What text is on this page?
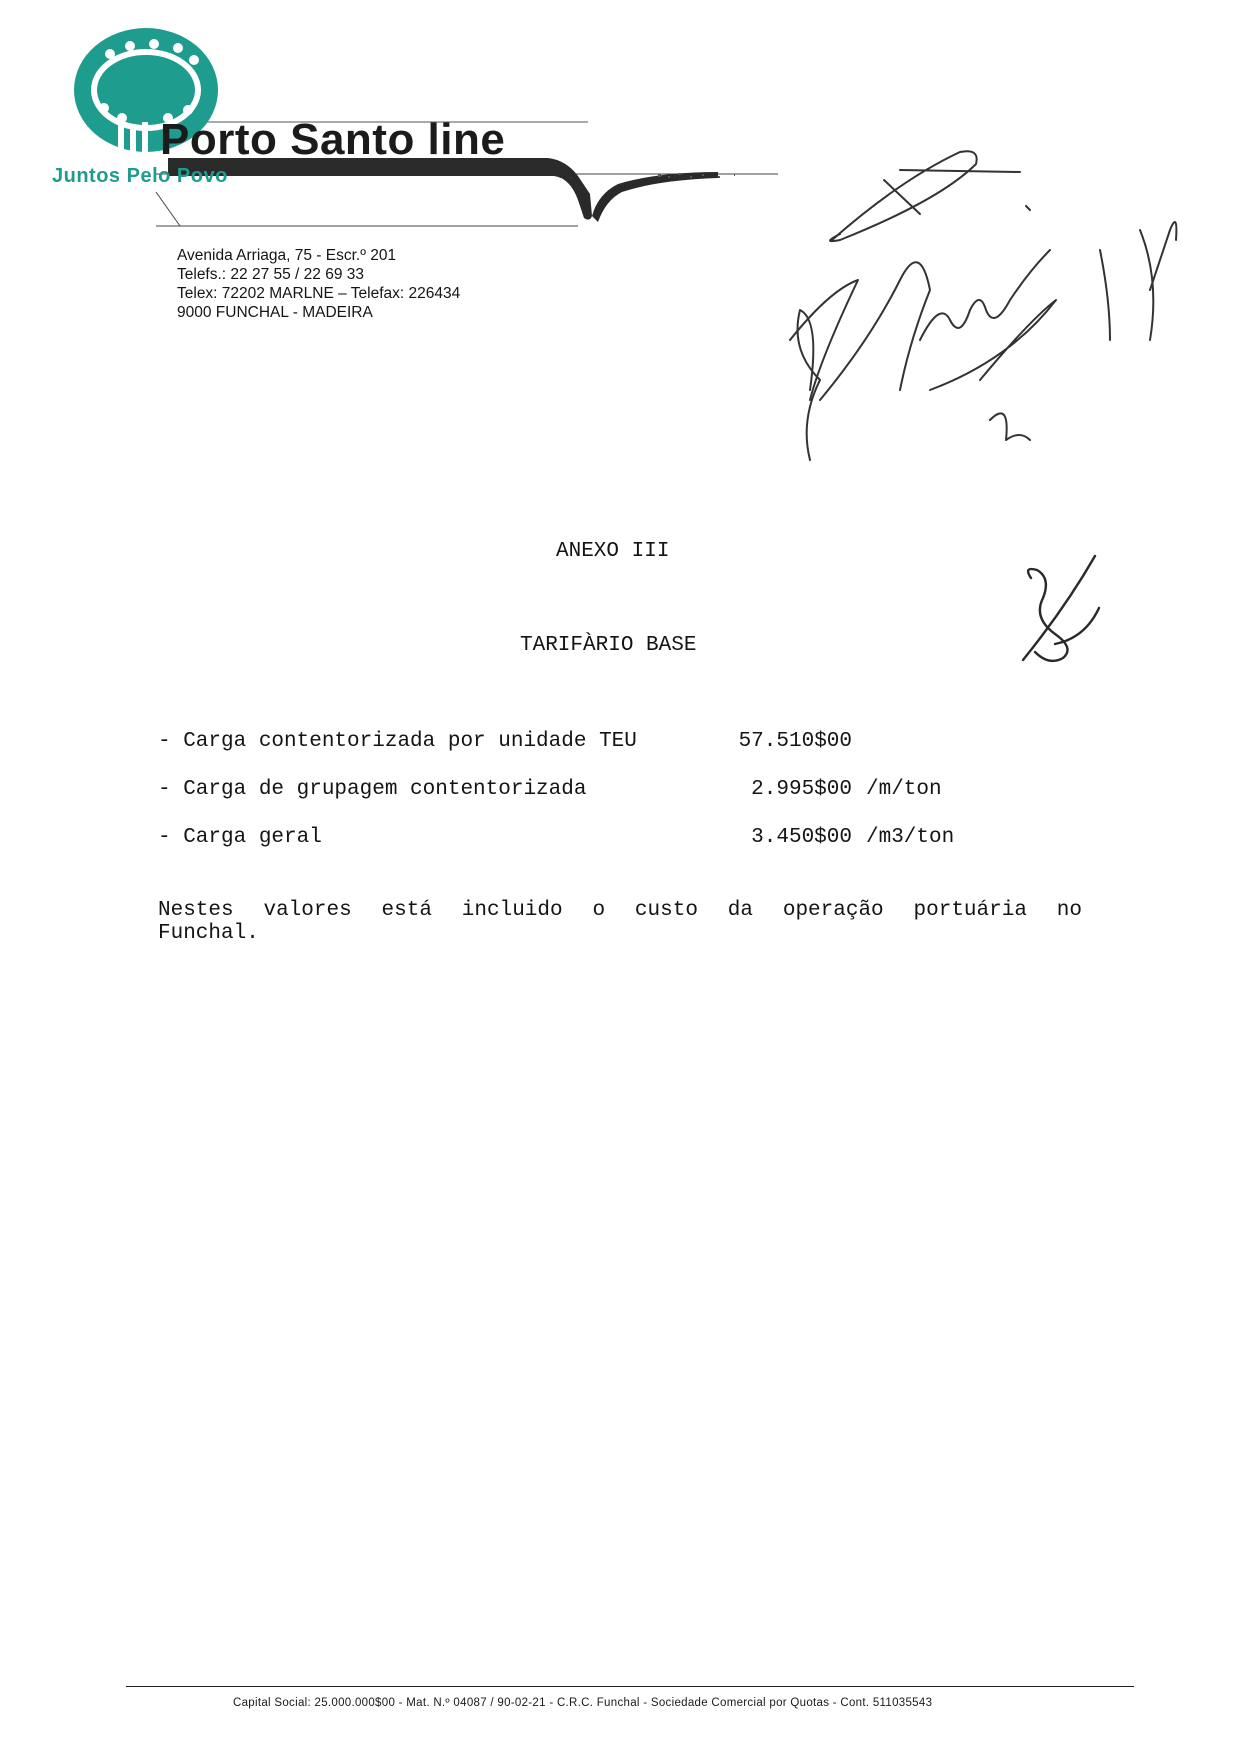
Porto Santo line
Juntos Pelo Povo
Avenida Arriaga, 75 - Escr.º 201
Telefs.: 22 27 55 / 22 69 33
Telex: 72202 MARLNE – Telefax: 226434
9000 FUNCHAL - MADEIRA
ANEXO III
TARIFÀRIO BASE
- Carga contentorizada por unidade TEU	57.510$00
- Carga de grupagem contentorizada	2.995$00 /m/ton
- Carga geral	3.450$00 /m3/ton
Nestes valores está incluido o custo da operação portuária no
Funchal.
Capital Social: 25.000.000$00 - Mat. N.º 04087 / 90-02-21 - C.R.C. Funchal - Sociedade Comercial por Quotas - Cont. 511035543
